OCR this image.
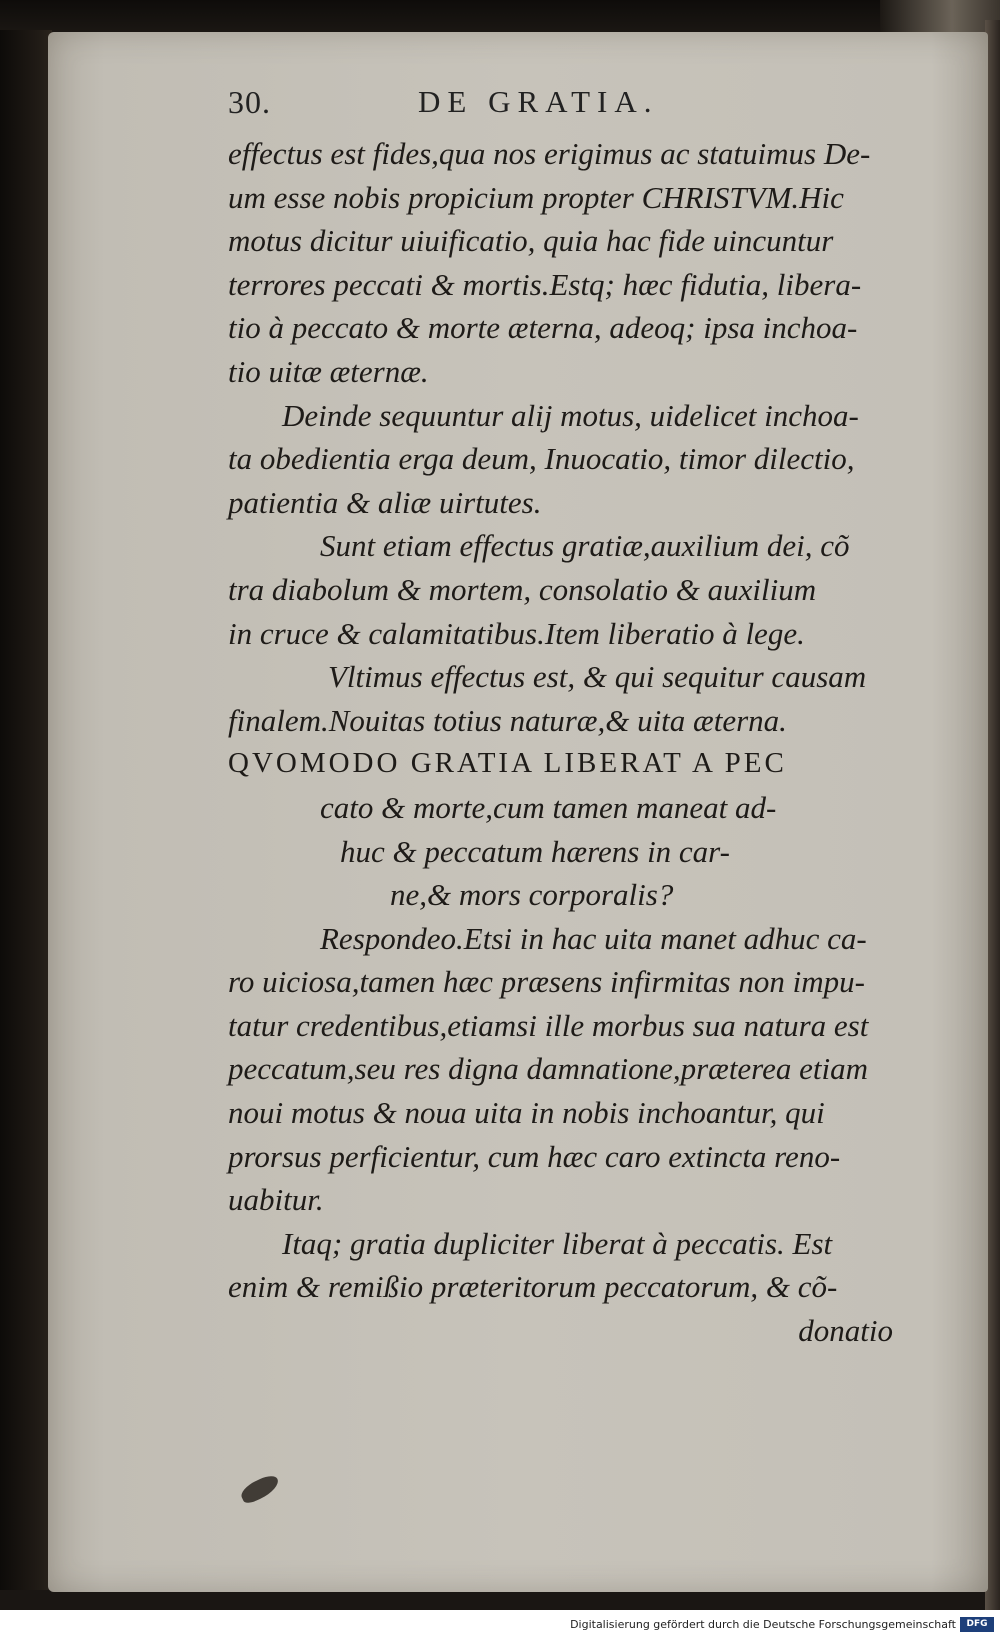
30.	DE GRATIA.
effectus est fides,qua nos erigimus ac statuimus De-
um esse nobis propicium propter CHRISTVM.Hic
motus dicitur uiuificatio, quia hac fide uincuntur
terrores peccati & mortis.Estq; hæc fidutia, libera-
tio à peccato & morte æterna, adeoq; ipsa inchoa-
tio uitæ æternæ.
Deinde sequuntur alij motus, uidelicet inchoa-
ta obedientia erga deum, Inuocatio, timor dilectio,
patientia & aliæ uirtutes.
Sunt etiam effectus gratiæ,auxilium dei, cõ
tra diabolum & mortem, consolatio & auxilium
in cruce & calamitatibus.Item liberatio à lege.
Vltimus effectus est, & qui sequitur causam
finalem.Nouitas totius naturæ,& uita æterna.
QVOMODO GRATIA LIBERAT A PEC
cato & morte,cum tamen maneat ad-
huc & peccatum hærens in car-
ne,& mors corporalis?
Respondeo.Etsi in hac uita manet adhuc ca-
ro uiciosa,tamen hæc præsens infirmitas non impu-
tatur credentibus,etiamsi ille morbus sua natura est
peccatum,seu res digna damnatione,præterea etiam
noui motus & noua uita in nobis inchoantur, qui
prorsus perficientur, cum hæc caro extincta reno-
uabitur.
Itaq; gratia dupliciter liberat à peccatis. Est
enim & remißio præteritorum peccatorum, & cõ-
donatio
Digitalisierung gefördert durch die Deutsche Forschungsgemeinschaft	DFG
